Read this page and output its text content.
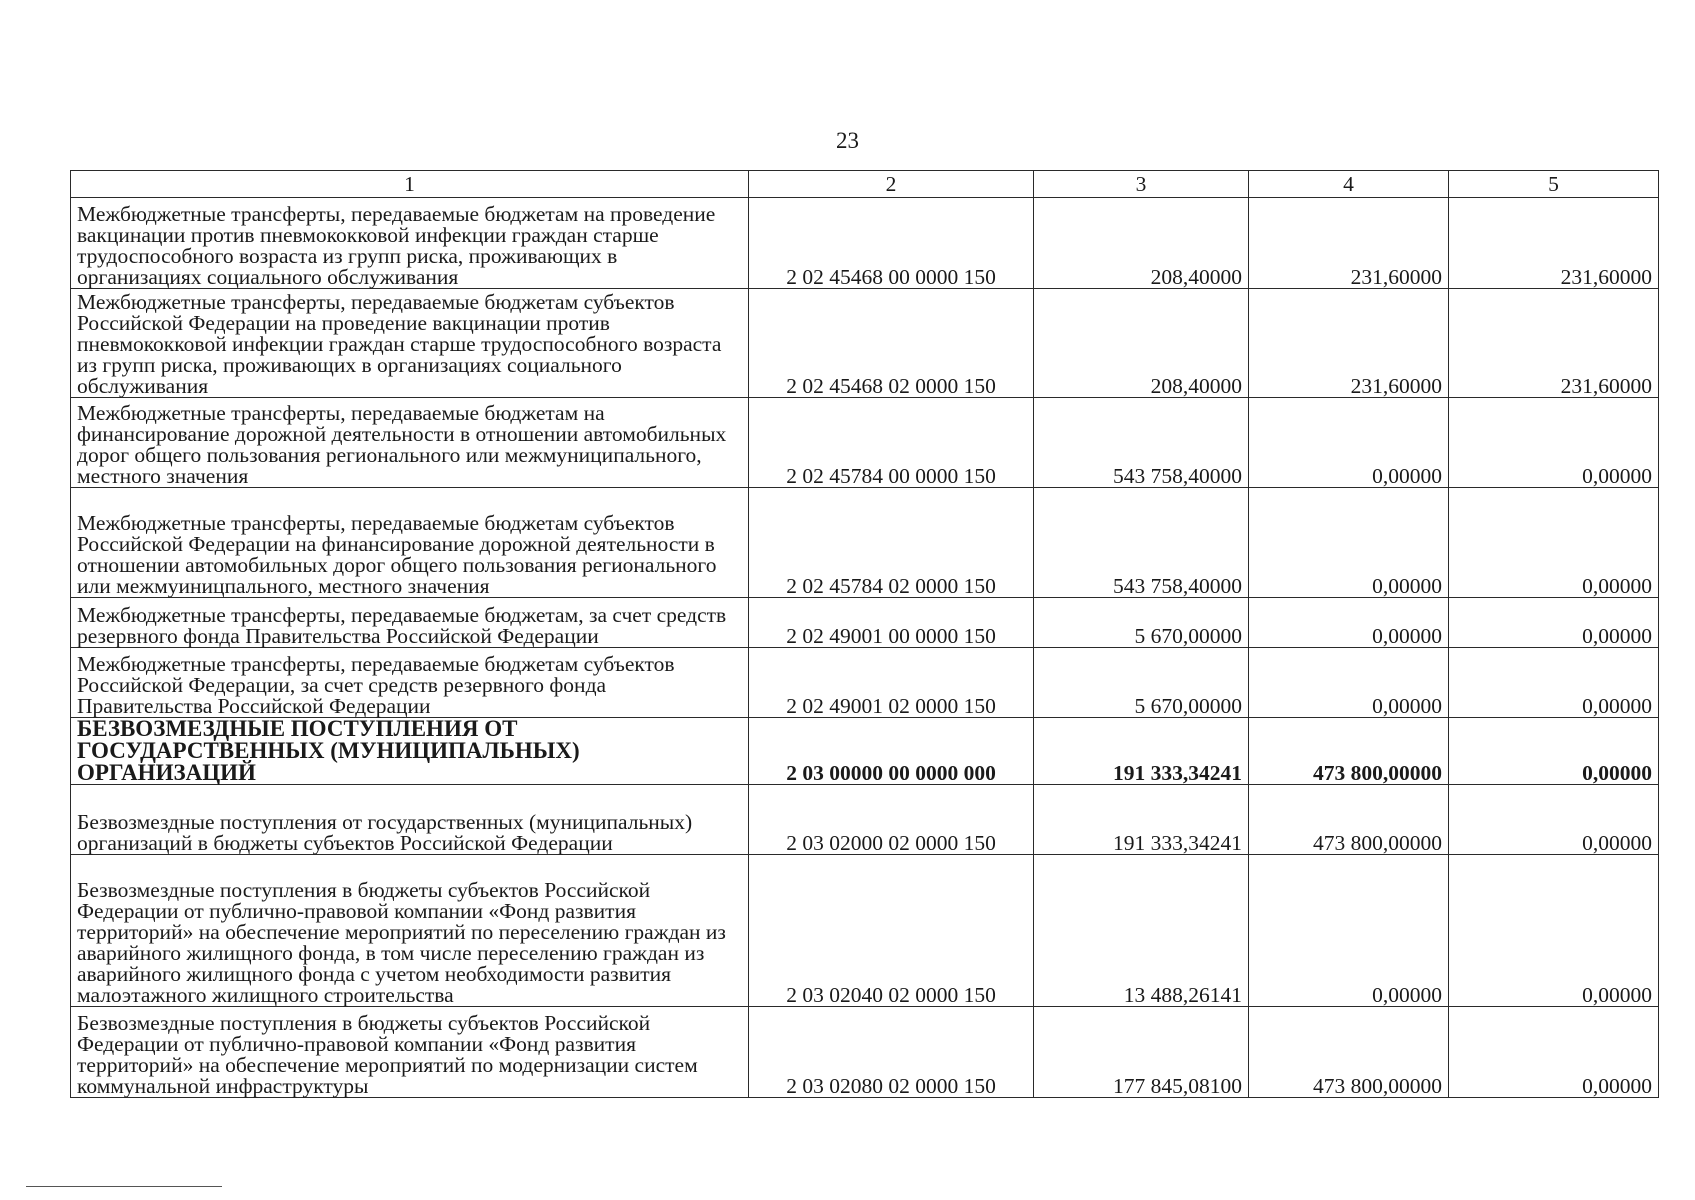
23
1	2	3	4	5
Межбюджетные трансферты, передаваемые бюджетам на проведение вакцинации против пневмококковой инфекции граждан старше трудоспособного возраста из групп риска, проживающих в организациях социального обслуживания	2 02 45468 00 0000 150	208,40000	231,60000	231,60000
Межбюджетные трансферты, передаваемые бюджетам субъектов Российской Федерации на проведение вакцинации против пневмококковой инфекции граждан старше трудоспособного возраста из групп риска, проживающих в организациях социального обслуживания	2 02 45468 02 0000 150	208,40000	231,60000	231,60000
Межбюджетные трансферты, передаваемые бюджетам на финансирование дорожной деятельности в отношении автомобильных дорог общего пользования регионального или межмуниципального, местного значения	2 02 45784 00 0000 150	543 758,40000	0,00000	0,00000
Межбюджетные трансферты, передаваемые бюджетам субъектов Российской Федерации на финансирование дорожной деятельности в отношении автомобильных дорог общего пользования регионального или межмуиницпального, местного значения	2 02 45784 02 0000 150	543 758,40000	0,00000	0,00000
Межбюджетные трансферты, передаваемые бюджетам, за счет средств резервного фонда Правительства Российской Федерации	2 02 49001 00 0000 150	5 670,00000	0,00000	0,00000
Межбюджетные трансферты, передаваемые бюджетам субъектов Российской Федерации, за счет средств резервного фонда Правительства Российской Федерации	2 02 49001 02 0000 150	5 670,00000	0,00000	0,00000
БЕЗВОЗМЕЗДНЫЕ ПОСТУПЛЕНИЯ ОТ ГОСУДАРСТВЕННЫХ (МУНИЦИПАЛЬНЫХ) ОРГАНИЗАЦИЙ	2 03 00000 00 0000 000	191 333,34241	473 800,00000	0,00000
Безвозмездные поступления от государственных (муниципальных) организаций в бюджеты субъектов Российской Федерации	2 03 02000 02 0000 150	191 333,34241	473 800,00000	0,00000
Безвозмездные поступления в бюджеты субъектов Российской Федерации от публично-правовой компании «Фонд развития территорий» на обеспечение мероприятий по переселению граждан из аварийного жилищного фонда, в том числе переселению граждан из аварийного жилищного фонда с учетом необходимости развития малоэтажного жилищного строительства	2 03 02040 02 0000 150	13 488,26141	0,00000	0,00000
Безвозмездные поступления в бюджеты субъектов Российской Федерации от публично-правовой компании «Фонд развития территорий» на обеспечение мероприятий по модернизации систем коммунальной инфраструктуры	2 03 02080 02 0000 150	177 845,08100	473 800,00000	0,00000
